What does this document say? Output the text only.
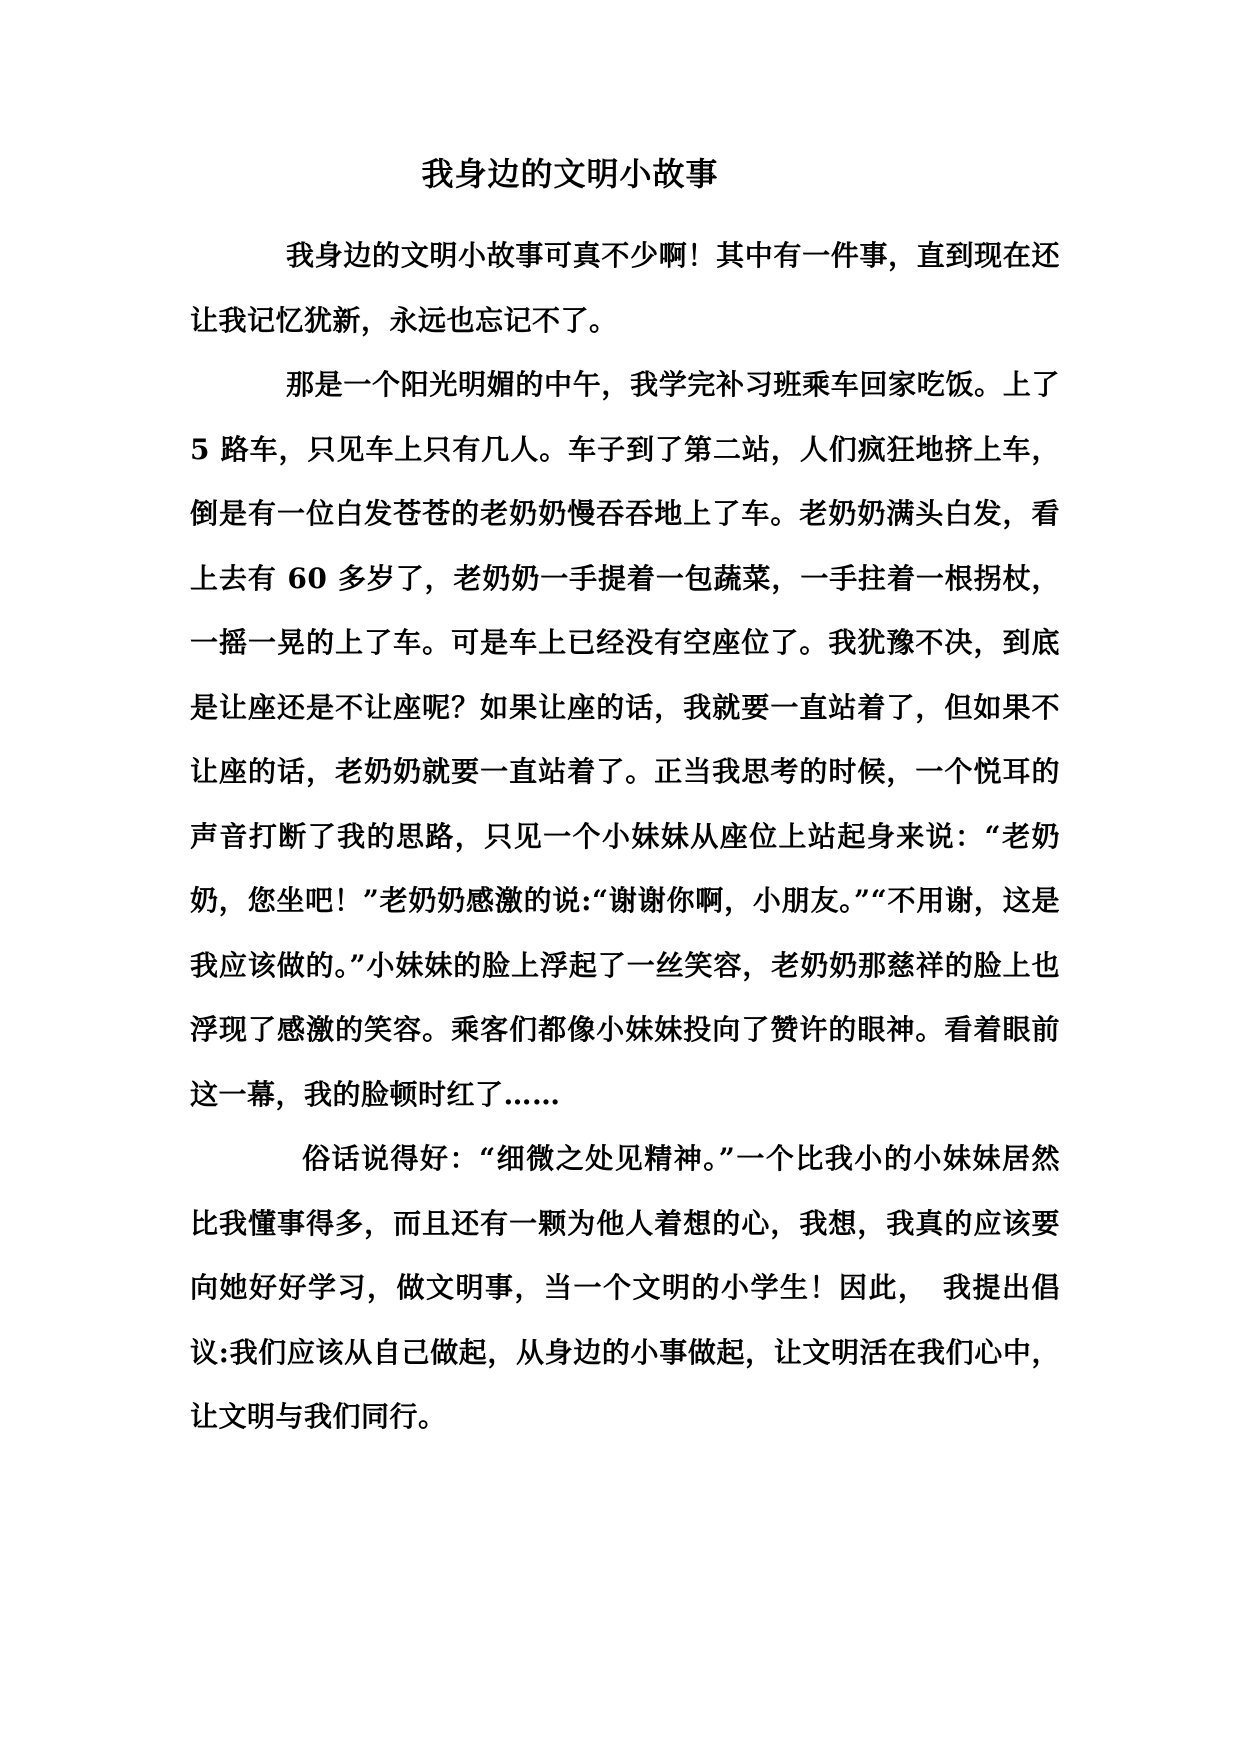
我身边的文明小故事

我身边的文明小故事可真不少啊！其中有一件事，直到现在还让我记忆犹新，永远也忘记不了。

那是一个阳光明媚的中午，我学完补习班乘车回家吃饭。上了 5 路车，只见车上只有几人。车子到了第二站，人们疯狂地挤上车，倒是有一位白发苍苍的老奶奶慢吞吞地上了车。老奶奶满头白发，看上去有 60 多岁了，老奶奶一手提着一包蔬菜，一手拄着一根拐杖，一摇一晃的上了车。可是车上已经没有空座位了。我犹豫不决，到底是让座还是不让座呢？如果让座的话，我就要一直站着了，但如果不让座的话，老奶奶就要一直站着了。正当我思考的时候，一个悦耳的声音打断了我的思路，只见一个小妹妹从座位上站起身来说：“老奶奶，您坐吧！”老奶奶感激的说:“谢谢你啊，小朋友。”“不用谢，这是我应该做的。”小妹妹的脸上浮起了一丝笑容，老奶奶那慈祥的脸上也浮现了感激的笑容。乘客们都像小妹妹投向了赞许的眼神。看着眼前这一幕，我的脸顿时红了……

俗话说得好：“细微之处见精神。”一个比我小的小妹妹居然比我懂事得多，而且还有一颗为他人着想的心，我想，我真的应该要向她好好学习，做文明事，当一个文明的小学生！因此，　我提出倡议:我们应该从自己做起，从身边的小事做起，让文明活在我们心中，让文明与我们同行。
